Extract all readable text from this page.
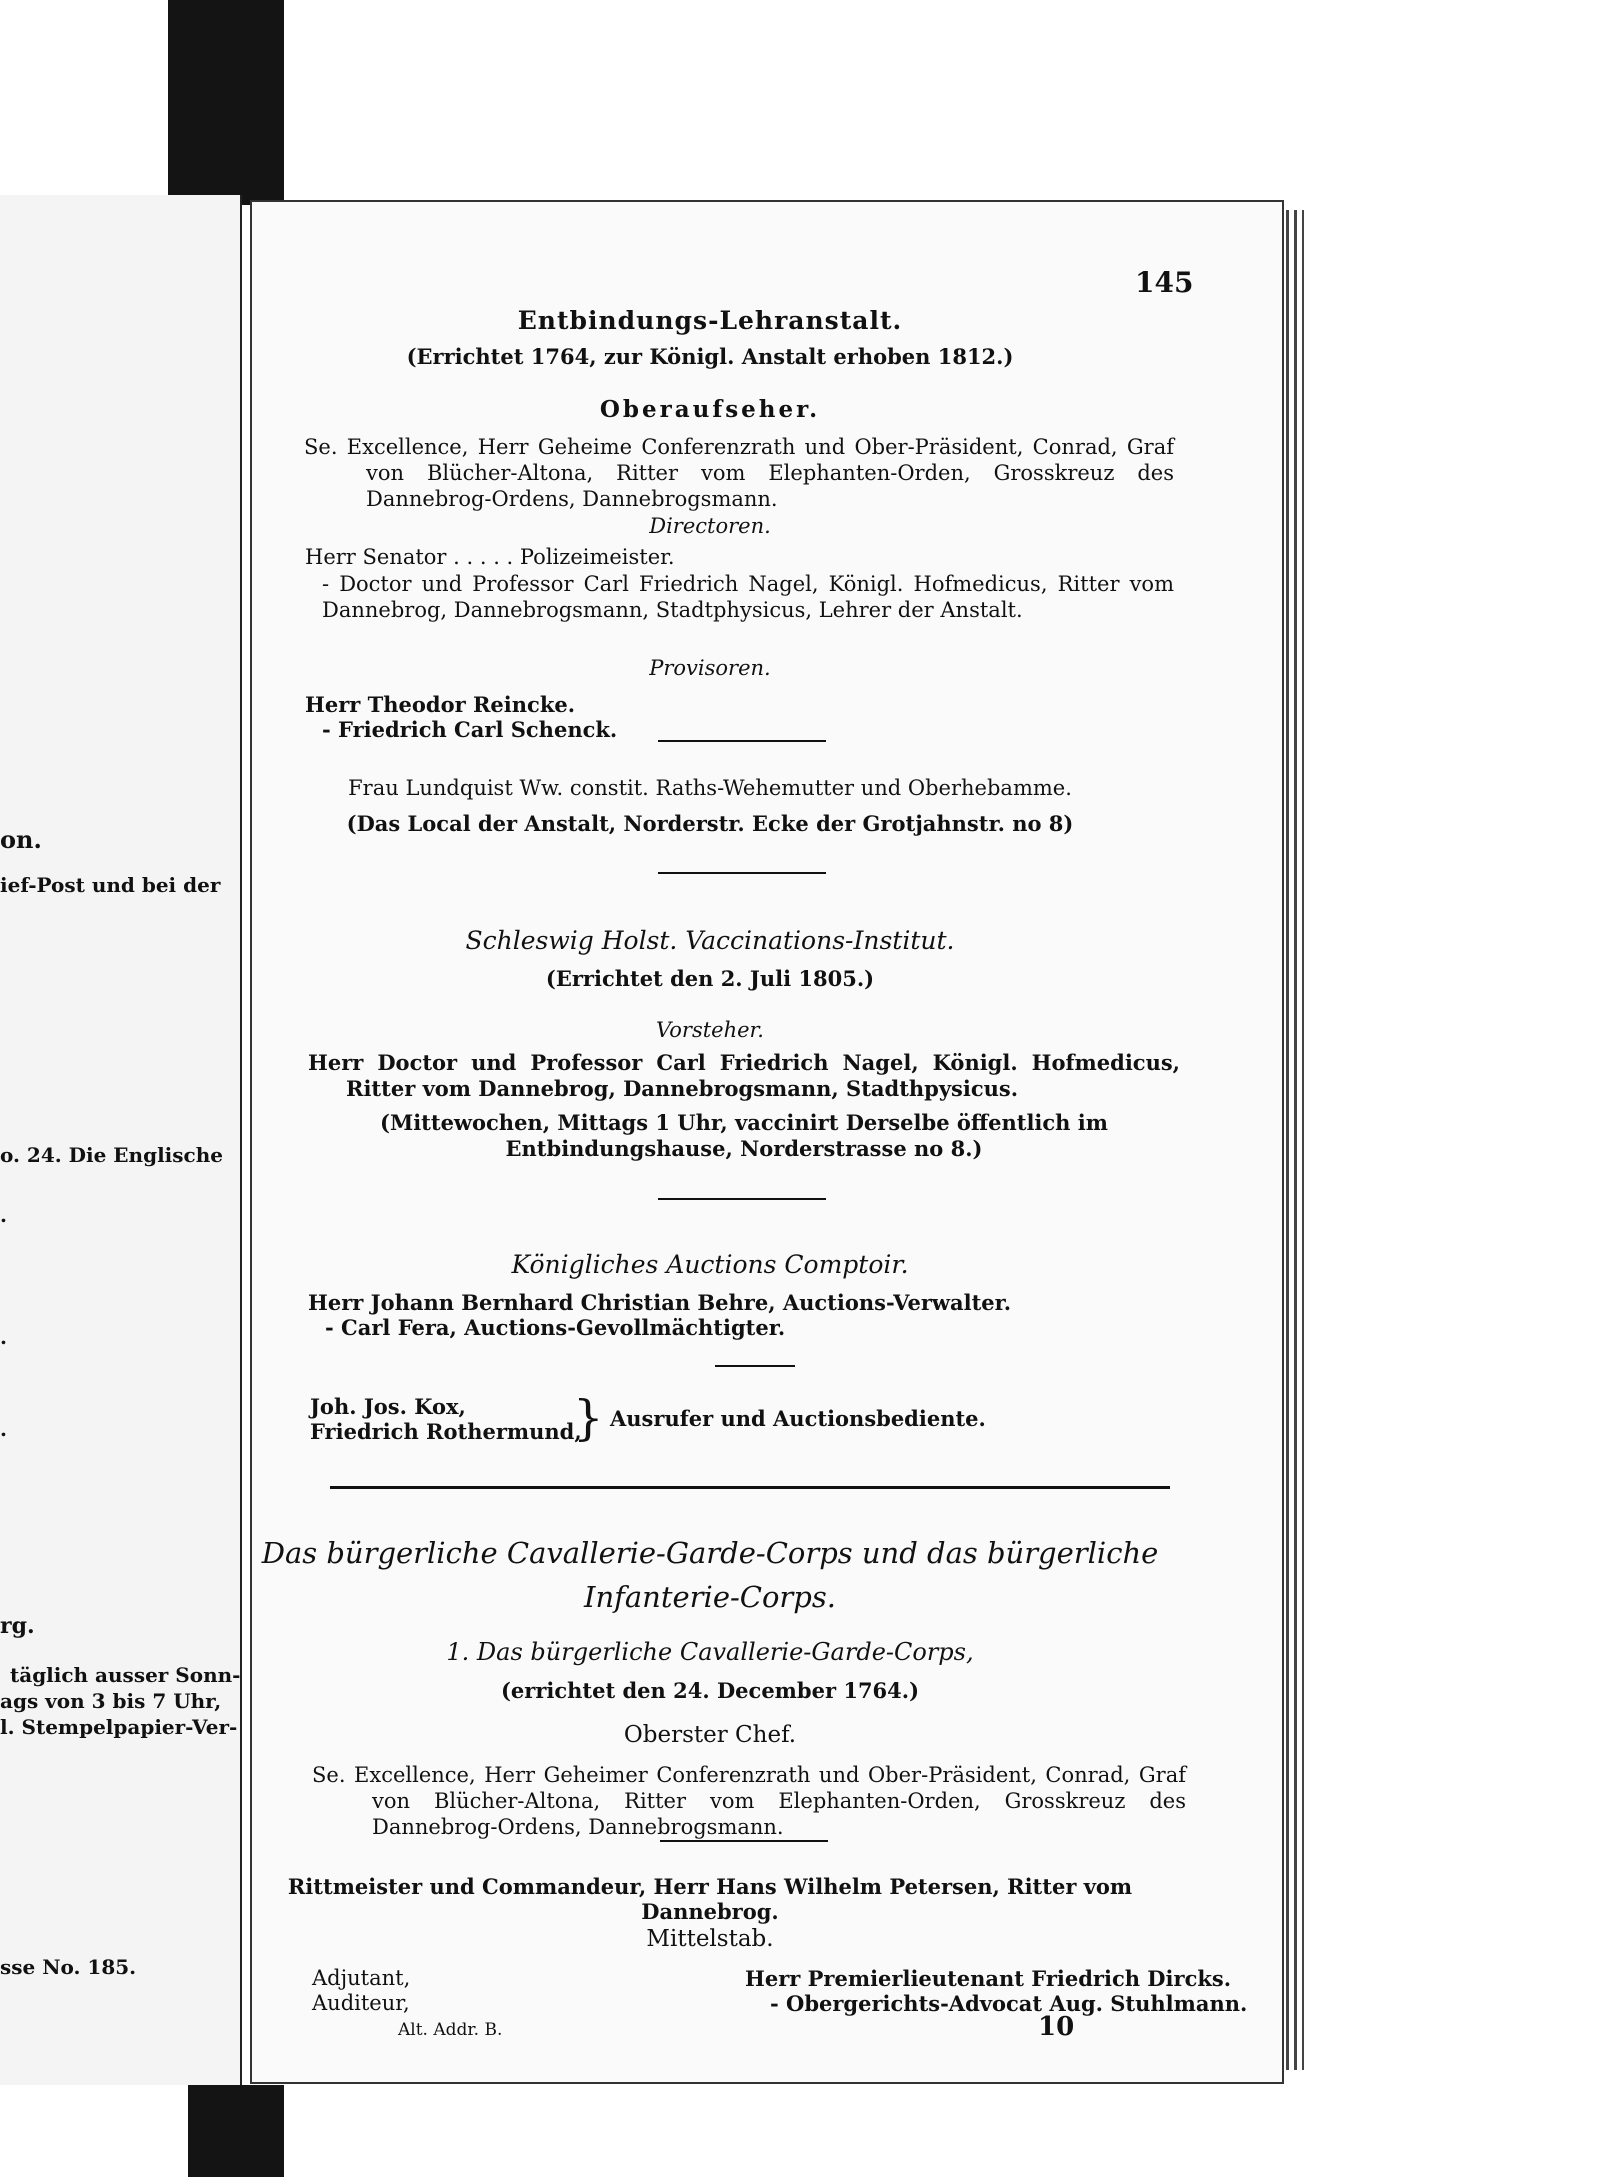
on.
ief-Post und bei der
o. 24. Die Englische
.
.
.
rg.
täglich ausser Sonn-
ags von 3 bis 7 Uhr,
l. Stempelpapier-Ver-
sse No. 185.
145
Entbindungs-Lehranstalt.
(Errichtet 1764, zur Königl. Anstalt erhoben 1812.)
Oberaufseher.
Se. Excellence, Herr Geheime Conferenzrath und Ober-Präsident, Conrad, Graf von Blücher-Altona, Ritter vom Elephanten-Orden, Grosskreuz des Dannebrog-Ordens, Dannebrogsmann.
Directoren.
Herr Senator . . . . . Polizeimeister.
- Doctor und Professor Carl Friedrich Nagel, Königl. Hofmedicus, Ritter vom Dannebrog, Dannebrogsmann, Stadtphysicus, Lehrer der Anstalt.
Provisoren.
Herr Theodor Reincke.
- Friedrich Carl Schenck.
Frau Lundquist Ww. constit. Raths-Wehemutter und Oberhebamme.
(Das Local der Anstalt, Norderstr. Ecke der Grotjahnstr. no 8)
Schleswig Holst. Vaccinations-Institut.
(Errichtet den 2. Juli 1805.)
Vorsteher.
Herr Doctor und Professor Carl Friedrich Nagel, Königl. Hofmedicus, Ritter vom Dannebrog, Dannebrogsmann, Stadthpysicus.
(Mittewochen, Mittags 1 Uhr, vaccinirt Derselbe öffentlich im Entbindungshause, Norderstrasse no 8.)
Königliches Auctions Comptoir.
Herr Johann Bernhard Christian Behre, Auctions-Verwalter.
- Carl Fera, Auctions-Gevollmächtigter.
Joh. Jos. Kox,
Friedrich Rothermund,
} Ausrufer und Auctionsbediente.
Das bürgerliche Cavallerie-Garde-Corps und das bürgerliche
Infanterie-Corps.
1. Das bürgerliche Cavallerie-Garde-Corps,
(errichtet den 24. December 1764.)
Oberster Chef.
Se. Excellence, Herr Geheimer Conferenzrath und Ober-Präsident, Conrad, Graf von Blücher-Altona, Ritter vom Elephanten-Orden, Grosskreuz des Dannebrog-Ordens, Dannebrogsmann.
Rittmeister und Commandeur, Herr Hans Wilhelm Petersen, Ritter vom Dannebrog.
Mittelstab.
Adjutant,	Herr Premierlieutenant Friedrich Dircks.
Auditeur,	- Obergerichts-Advocat Aug. Stuhlmann.
Alt. Addr. B.	10
